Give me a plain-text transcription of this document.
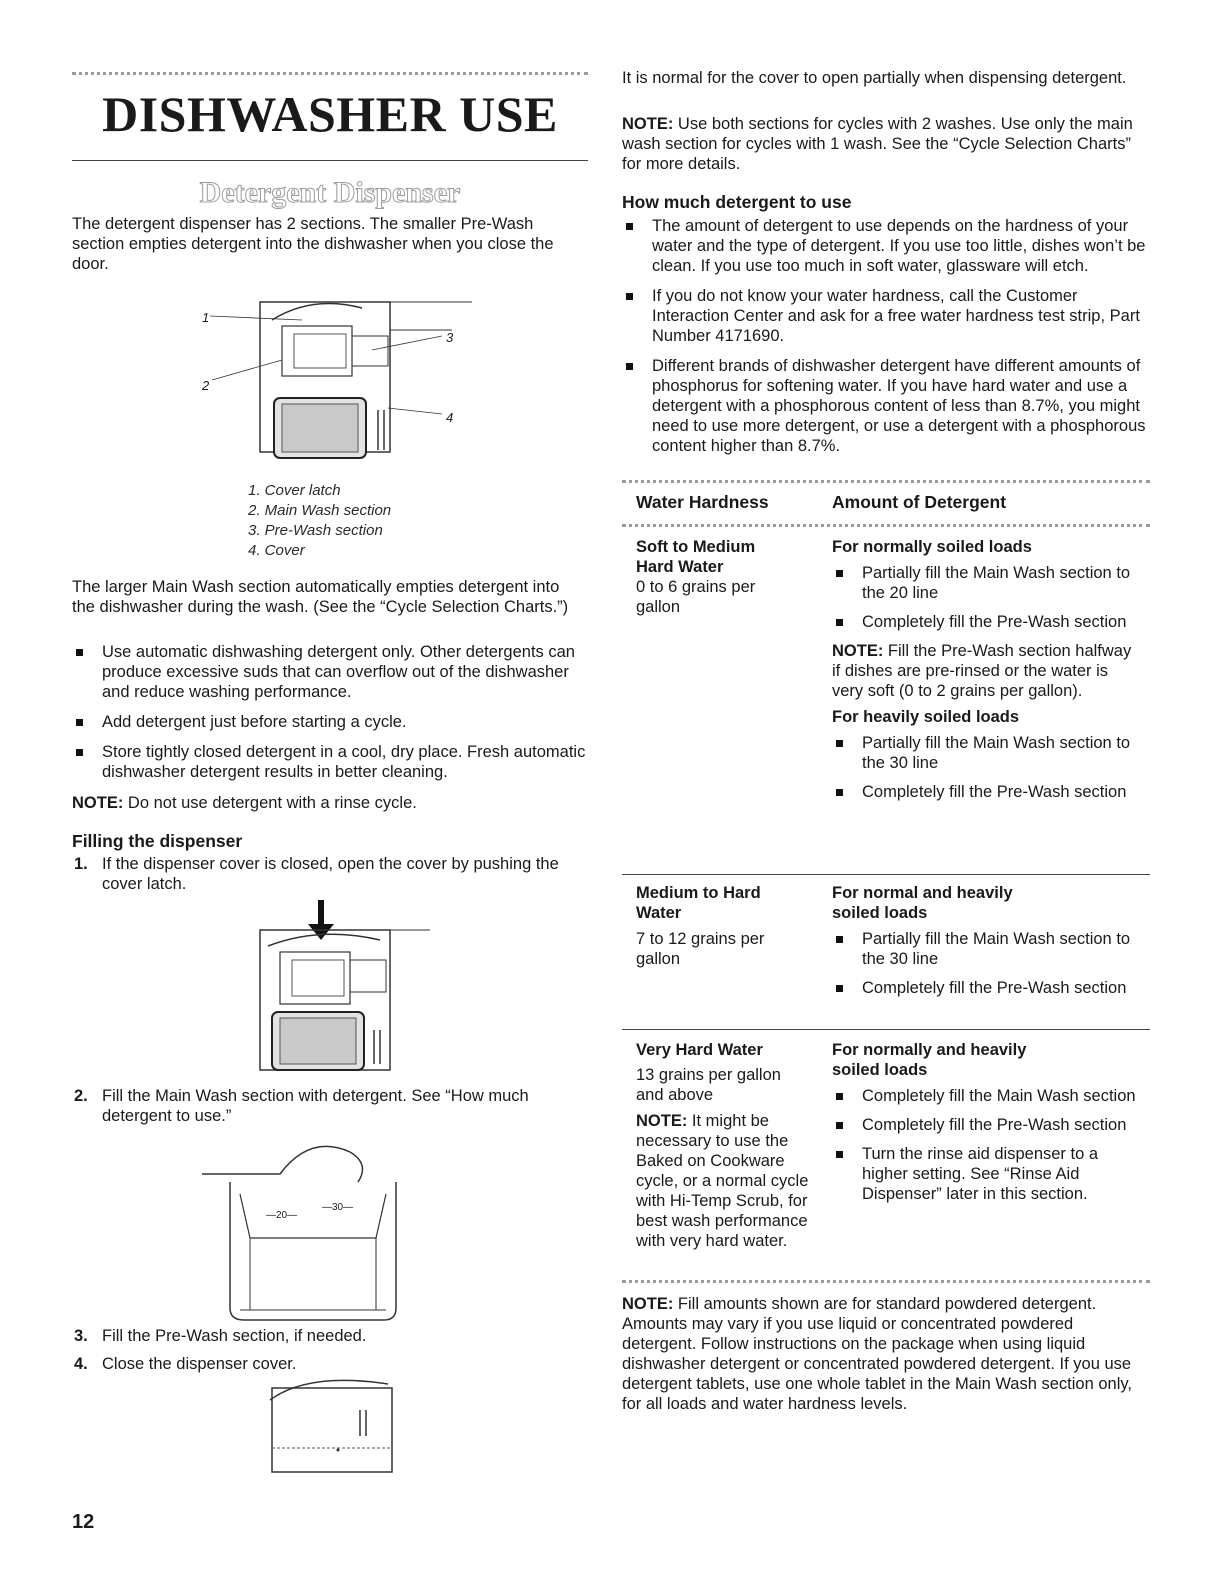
DISHWASHER USE
Detergent Dispenser

The detergent dispenser has 2 sections. The smaller Pre-Wash section empties detergent into the dishwasher when you close the door.

1
2
3
4
1. Cover latch
2. Main Wash section
3. Pre-Wash section
4. Cover

The larger Main Wash section automatically empties detergent into the dishwasher during the wash. (See the “Cycle Selection Charts.”)

Use automatic dishwashing detergent only. Other detergents can produce excessive suds that can overflow out of the dishwasher and reduce washing performance.
Add detergent just before starting a cycle.
Store tightly closed detergent in a cool, dry place. Fresh automatic dishwasher detergent results in better cleaning.

NOTE: Do not use detergent with a rinse cycle.

Filling the dispenser
1. If the dispenser cover is closed, open the cover by pushing the cover latch.
2. Fill the Main Wash section with detergent. See “How much detergent to use.”
—20—
—30—
3. Fill the Pre-Wash section, if needed.
4. Close the dispenser cover.

It is normal for the cover to open partially when dispensing detergent.

NOTE: Use both sections for cycles with 2 washes. Use only the main wash section for cycles with 1 wash. See the “Cycle Selection Charts” for more details.

How much detergent to use
The amount of detergent to use depends on the hardness of your water and the type of detergent. If you use too little, dishes won’t be clean. If you use too much in soft water, glassware will etch.
If you do not know your water hardness, call the Customer Interaction Center and ask for a free water hardness test strip, Part Number 4171690.
Different brands of dishwasher detergent have different amounts of phosphorus for softening water. If you have hard water and use a detergent with a phosphorous content of less than 8.7%, you might need to use more detergent, or use a detergent with a phosphorous content higher than 8.7%.
Water Hardness	Amount of Detergent
Soft to Medium Hard Water
0 to 6 grains per gallon
For normally soiled loads
Partially fill the Main Wash section to the 20 line
Completely fill the Pre-Wash section

NOTE: Fill the Pre-Wash section halfway if dishes are pre-rinsed or the water is very soft (0 to 2 grains per gallon).

For heavily soiled loads
Partially fill the Main Wash section to the 30 line
Completely fill the Pre-Wash section
Medium to Hard Water
7 to 12 grains per gallon
For normal and heavily soiled loads
Partially fill the Main Wash section to the 30 line
Completely fill the Pre-Wash section
Very Hard Water
13 grains per gallon and above

NOTE: It might be necessary to use the Baked on Cookware cycle, or a normal cycle with Hi-Temp Scrub, for best wash performance with very hard water.

For normally and heavily soiled loads
Completely fill the Main Wash section
Completely fill the Pre-Wash section
Turn the rinse aid dispenser to a higher setting. See “Rinse Aid Dispenser” later in this section.

NOTE: Fill amounts shown are for standard powdered detergent. Amounts may vary if you use liquid or concentrated powdered detergent. Follow instructions on the package when using liquid dishwasher detergent or concentrated powdered detergent. If you use detergent tablets, use one whole tablet in the Main Wash section only, for all loads and water hardness levels.

12
